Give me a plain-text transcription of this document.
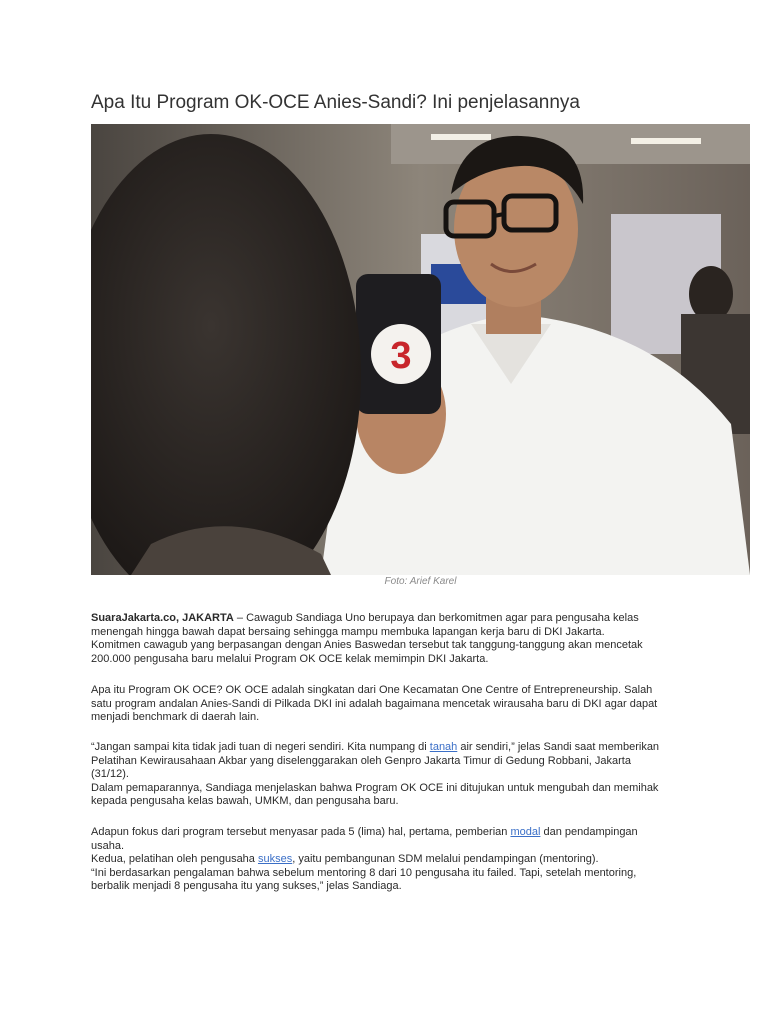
Apa Itu Program OK-OCE Anies-Sandi? Ini penjelasannya
3
Foto: Arief Karel

SuaraJakarta.co, JAKARTA – Cawagub Sandiaga Uno berupaya dan berkomitmen agar para pengusaha kelas
menengah hingga bawah dapat bersaing sehingga mampu membuka lapangan kerja baru di DKI Jakarta.
Komitmen cawagub yang berpasangan dengan Anies Baswedan tersebut tak tanggung-tanggung akan mencetak
200.000 pengusaha baru melalui Program OK OCE kelak memimpin DKI Jakarta.

Apa itu Program OK OCE? OK OCE adalah singkatan dari One Kecamatan One Centre of Entrepreneurship. Salah
satu program andalan Anies-Sandi di Pilkada DKI ini adalah bagaimana mencetak wirausaha baru di DKI agar dapat
menjadi benchmark di daerah lain.

“Jangan sampai kita tidak jadi tuan di negeri sendiri. Kita numpang di tanah air sendiri,” jelas Sandi saat memberikan
Pelatihan Kewirausahaan Akbar yang diselenggarakan oleh Genpro Jakarta Timur di Gedung Robbani, Jakarta
(31/12).
Dalam pemaparannya, Sandiaga menjelaskan bahwa Program OK OCE ini ditujukan untuk mengubah dan memihak
kepada pengusaha kelas bawah, UMKM, dan pengusaha baru.

Adapun fokus dari program tersebut menyasar pada 5 (lima) hal, pertama, pemberian modal dan pendampingan
usaha.
Kedua, pelatihan oleh pengusaha sukses, yaitu pembangunan SDM melalui pendampingan (mentoring).
“Ini berdasarkan pengalaman bahwa sebelum mentoring 8 dari 10 pengusaha itu failed. Tapi, setelah mentoring,
berbalik menjadi 8 pengusaha itu yang sukses,” jelas Sandiaga.
